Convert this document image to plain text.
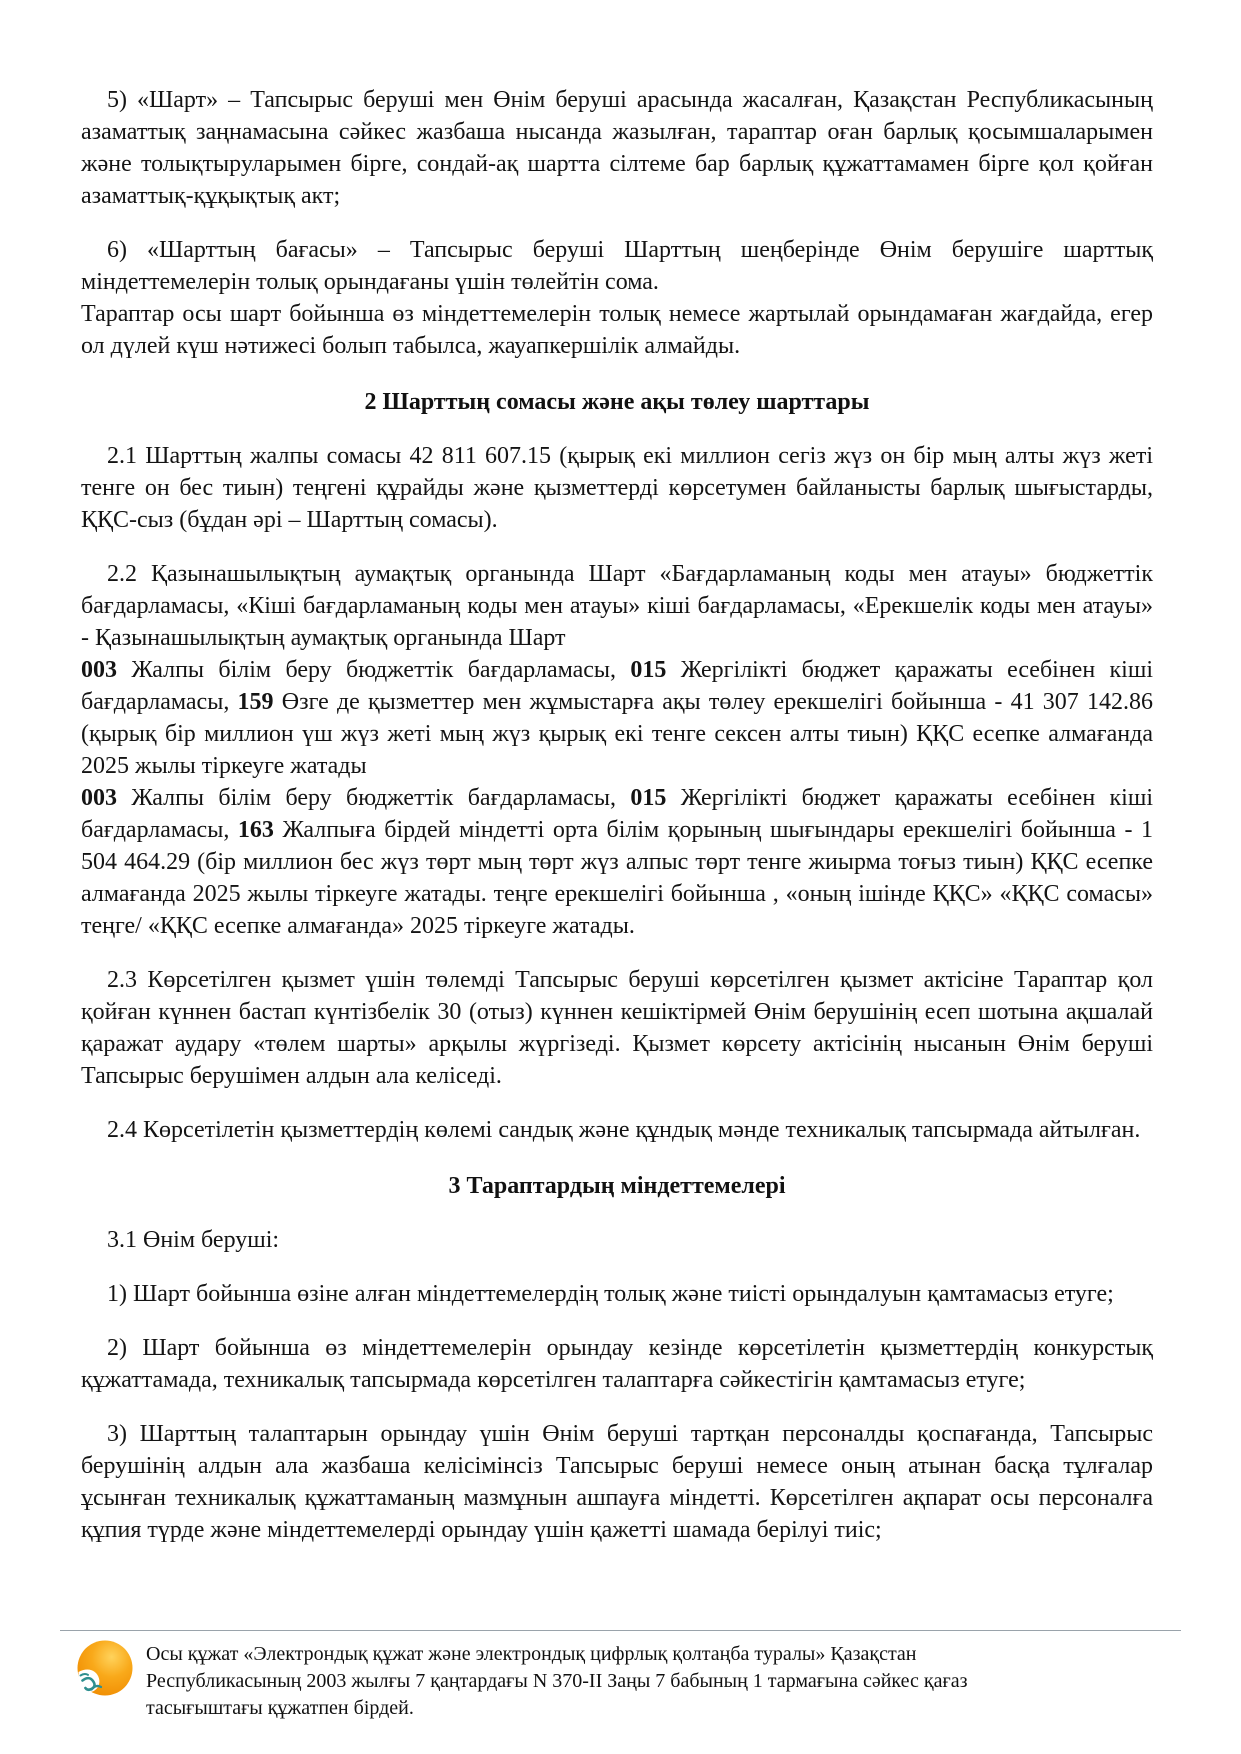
5) «Шарт» – Тапсырыс беруші мен Өнім беруші арасында жасалған, Қазақстан Республикасының азаматтық заңнамасына сәйкес жазбаша нысанда жазылған, тараптар оған барлық қосымшаларымен және толықтыруларымен бірге, сондай-ақ шартта сілтеме бар барлық құжаттамамен бірге қол қойған азаматтық-құқықтық акт;

6) «Шарттың бағасы» – Тапсырыс беруші Шарттың шеңберінде Өнім берушіге шарттық міндеттемелерін толық орындағаны үшін төлейтін сома.

Тараптар осы шарт бойынша өз міндеттемелерін толық немесе жартылай орындамаған жағдайда, егер ол дүлей күш нәтижесі болып табылса, жауапкершілік алмайды.

2 Шарттың сомасы және ақы төлеу шарттары

2.1 Шарттың жалпы сомасы 42 811 607.15 (қырық екі миллион сегіз жүз он бір мың алты жүз жеті тенге он бес тиын) теңгені құрайды және қызметтерді көрсетумен байланысты барлық шығыстарды, ҚҚС-сыз (бұдан әрі – Шарттың сомасы).

2.2 Қазынашылықтың аумақтық органында Шарт «Бағдарламаның коды мен атауы» бюджеттік бағдарламасы, «Кіші бағдарламаның коды мен атауы» кіші бағдарламасы, «Ерекшелік коды мен атауы» - Қазынашылықтың аумақтық органында Шарт
003 Жалпы білім беру бюджеттік бағдарламасы, 015 Жергілікті бюджет қаражаты есебінен кіші бағдарламасы, 159 Өзге де қызметтер мен жұмыстарға ақы төлеу ерекшелігі бойынша - 41 307 142.86 (қырық бір миллион үш жүз жеті мың жүз қырық екі тенге сексен алты тиын) ҚҚС есепке алмағанда 2025 жылы тіркеуге жатады
003 Жалпы білім беру бюджеттік бағдарламасы, 015 Жергілікті бюджет қаражаты есебінен кіші бағдарламасы, 163 Жалпыға бірдей міндетті орта білім қорының шығындары ерекшелігі бойынша - 1 504 464.29 (бір миллион бес жүз төрт мың төрт жүз алпыс төрт тенге жиырма тоғыз тиын) ҚҚС есепке алмағанда 2025 жылы тіркеуге жатады. теңге ерекшелігі бойынша , «оның ішінде ҚҚС» «ҚҚС сомасы» теңге/ «ҚҚС есепке алмағанда» 2025 тіркеуге жатады.

2.3 Көрсетілген қызмет үшін төлемді Тапсырыс беруші көрсетілген қызмет актісіне Тараптар қол қойған күннен бастап күнтізбелік 30 (отыз) күннен кешіктірмей Өнім берушінің есеп шотына ақшалай қаражат аудару «төлем шарты» арқылы жүргізеді. Қызмет көрсету актісінің нысанын Өнім беруші Тапсырыс берушімен алдын ала келіседі.

2.4 Көрсетілетін қызметтердің көлемі сандық және құндық мәнде техникалық тапсырмада айтылған.

3 Тараптардың міндеттемелері

3.1 Өнім беруші:

1) Шарт бойынша өзіне алған міндеттемелердің толық және тиісті орындалуын қамтамасыз етуге;

2) Шарт бойынша өз міндеттемелерін орындау кезінде көрсетілетін қызметтердің конкурстық құжаттамада, техникалық тапсырмада көрсетілген талаптарға сәйкестігін қамтамасыз етуге;

3) Шарттың талаптарын орындау үшін Өнім беруші тартқан персоналды қоспағанда, Тапсырыс берушінің алдын ала жазбаша келісімінсіз Тапсырыс беруші немесе оның атынан басқа тұлғалар ұсынған техникалық құжаттаманың мазмұнын ашпауға міндетті. Көрсетілген ақпарат осы персоналға құпия түрде және міндеттемелерді орындау үшін қажетті шамада берілуі тиіс;

Осы құжат «Электрондық құжат және электрондық цифрлық қолтаңба туралы» Қазақстан
Республикасының 2003 жылғы 7 қаңтардағы N 370-II Заңы 7 бабының 1 тармағына сәйкес қағаз
тасығыштағы құжатпен бірдей.
